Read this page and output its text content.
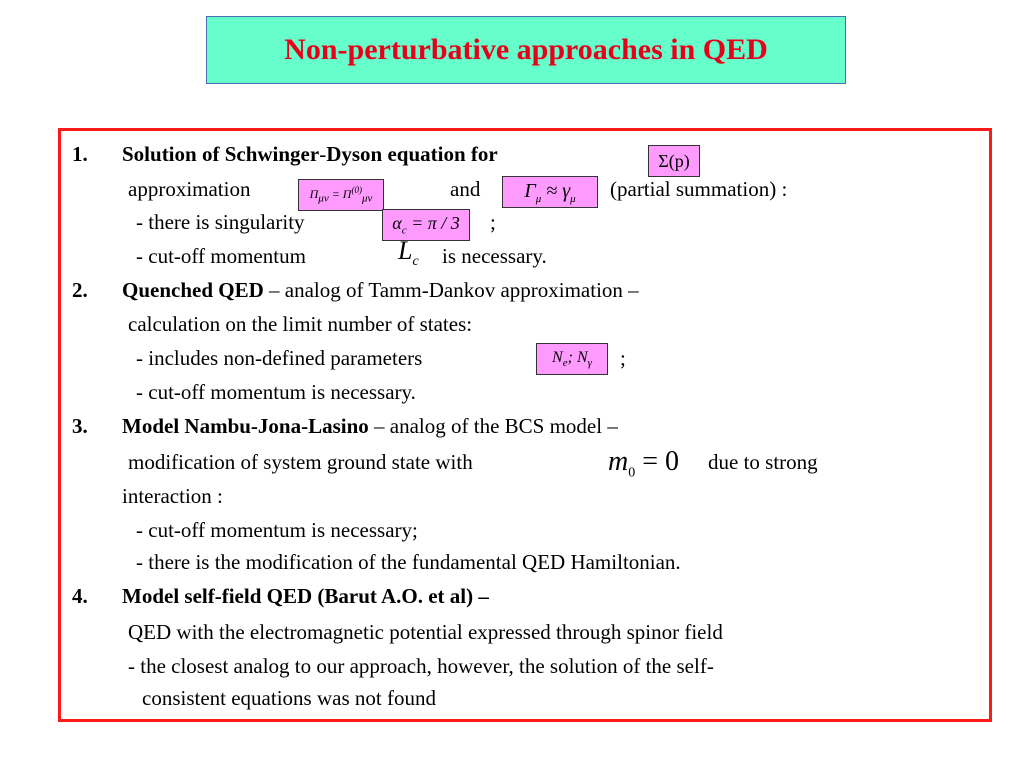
Non-perturbative approaches in QED
1. Solution of Schwinger-Dyson equation for	Σ(p)
approximation	$\Pi_{\mu\nu} = \Pi^{(0)}_{\mu\nu}$	and $\Gamma_\mu \approx \gamma_\mu$ (partial summation) :
- there is singularity	$\alpha_c = \pi / 3$ ;
- cut-off momentum	$L_c$ is necessary.
2. Quenched QED – analog of Tamm-Dankov approximation –
calculation on the limit number of states:
- includes non-defined parameters	$N_e$; $N_\gamma$ ;
- cut-off momentum is necessary.
3. Model Nambu-Jona-Lasino – analog of the BCS model –
modification of system ground state with	$m_0 = 0$ due to strong
interaction :
- cut-off momentum is necessary;
- there is the modification of the fundamental QED Hamiltonian.
4. Model self-field QED (Barut A.O. et al) –
QED with the electromagnetic potential expressed through spinor field
- the closest analog to our approach, however, the solution of the self-
consistent equations was not found
